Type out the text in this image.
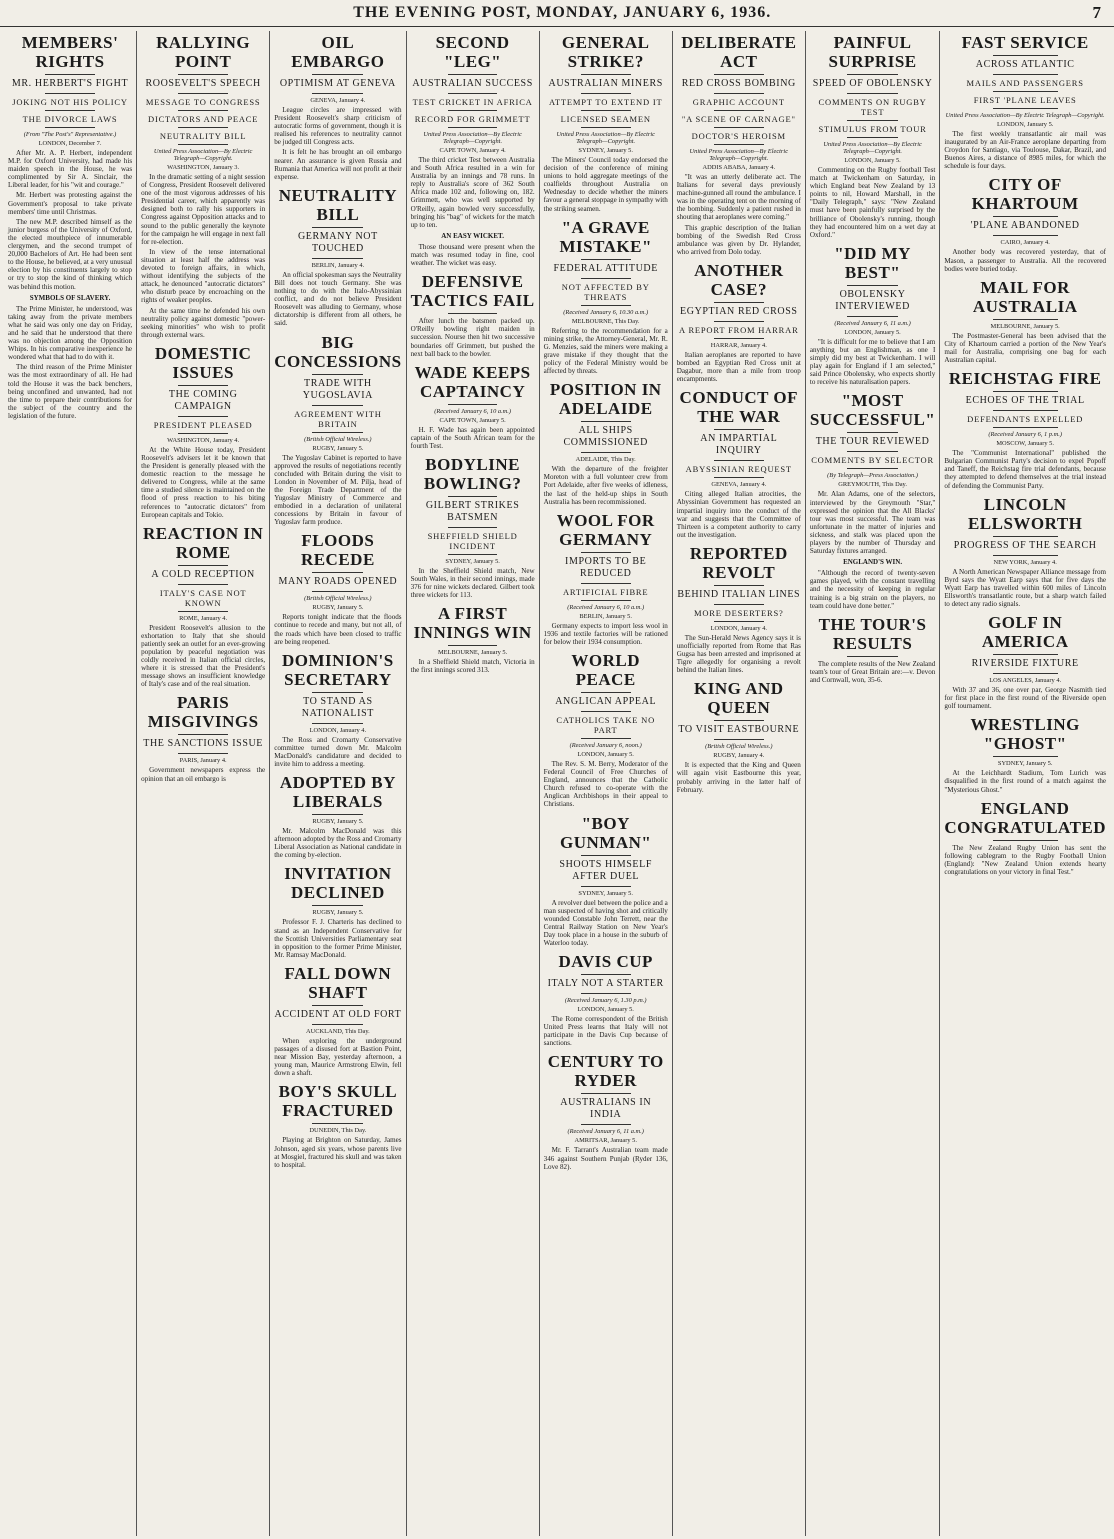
THE EVENING POST, MONDAY, JANUARY 6, 1936.	7
MEMBERS' RIGHTS
MR. HERBERT'S FIGHT
JOKING NOT HIS POLICY
THE DIVORCE LAWS
(From "The Post's" Representative.)
LONDON, December 7.

After Mr. A. P. Herbert, independent M.P. for Oxford University, had made his maiden speech in the House, he was complimented by Sir A. Sinclair, the Liberal leader, for his "wit and courage."

Mr. Herbert was protesting against the Government's proposal to take private members' time until Christmas.

The new M.P. described himself as the junior burgess of the University of Oxford, the elected mouthpiece of innumerable clergymen, and the second trumpet of 20,000 Bachelors of Art. He had been sent to the House, he believed, at a very unusual election by his constituents largely to stop or try to stop the kind of thinking which was behind this motion.

SYMBOLS OF SLAVERY.

The Prime Minister, he understood, was taking away from the private members what he said was only one day on Friday, and he said that he understood that there was no objection among the Opposition Whips. In his comparative inexperience he wondered what that had to do with it.

The third reason of the Prime Minister was the most extraordinary of all. He had told the House it was the back benchers, being unconfined and unwanted, had not the time to prepare their contributions for the subject of the country and the legislation of the future.

RALLYING POINT
ROOSEVELT'S SPEECH
MESSAGE TO CONGRESS
DICTATORS AND PEACE
NEUTRALITY BILL
United Press Association—By Electric Telegraph—Copyright.
WASHINGTON, January 3.

In the dramatic setting of a night session of Congress, President Roosevelt delivered one of the most vigorous addresses of his Presidential career, which apparently was designed both to rally his supporters in Congress against Opposition attacks and to sound to the public generally the keynote for the campaign he will engage in next fall for re-election.

In view of the tense international situation at least half the address was devoted to foreign affairs, in which, without identifying the subjects of the attack, he denounced "autocratic dictators" who disturb peace by encroaching on the rights of weaker peoples.

At the same time he defended his own neutrality policy against domestic "power-seeking minorities" who wish to profit through external wars.

DOMESTIC ISSUES
THE COMING CAMPAIGN
PRESIDENT PLEASED
WASHINGTON, January 4.

At the White House today, President Roosevelt's advisers let it be known that the President is generally pleased with the domestic reaction to the message he delivered to Congress, while at the same time a studied silence is maintained on the flood of press reaction to his biting references to "autocratic dictators" from European capitals and Tokio.

REACTION IN ROME
A COLD RECEPTION
ITALY'S CASE NOT KNOWN
ROME, January 4.

President Roosevelt's allusion to the exhortation to Italy that she should patiently seek an outlet for an ever-growing population by peaceful negotiation was coldly received in Italian official circles, where it is stressed that the President's message shows an insufficient knowledge of Italy's case and of the real situation.

PARIS MISGIVINGS
THE SANCTIONS ISSUE
PARIS, January 4.

Government newspapers express the opinion that an oil embargo is

OIL EMBARGO
OPTIMISM AT GENEVA
GENEVA, January 4.

League circles are impressed with President Roosevelt's sharp criticism of autocratic forms of government, though it is realised his references to neutrality cannot be judged till Congress acts.

It is felt he has brought an oil embargo nearer. An assurance is given Russia and Rumania that America will not profit at their expense.

NEUTRALITY BILL
GERMANY NOT TOUCHED
BERLIN, January 4.

An official spokesman says the Neutrality Bill does not touch Germany. She was nothing to do with the Italo-Abyssinian conflict, and do not believe President Roosevelt was alluding to Germany, whose dictatorship is different from all others, he said.

BIG CONCESSIONS
TRADE WITH YUGOSLAVIA
AGREEMENT WITH BRITAIN
(British Official Wireless.)
RUGBY, January 5.

The Yugoslav Cabinet is reported to have approved the results of negotiations recently concluded with Britain during the visit to London in November of M. Pilja, head of the Foreign Trade Department of the Yugoslav Ministry of Commerce and embodied in a declaration of unilateral concessions by Britain in favour of Yugoslav farm produce.

FLOODS RECEDE
MANY ROADS OPENED
(British Official Wireless.)
RUGBY, January 5.

Reports tonight indicate that the floods continue to recede and many, but not all, of the roads which have been closed to traffic are being reopened.

DOMINION'S SECRETARY
TO STAND AS NATIONALIST
LONDON, January 4.

The Ross and Cromarty Conservative committee turned down Mr. Malcolm MacDonald's candidature and decided to invite him to address a meeting.

ADOPTED BY LIBERALS
RUGBY, January 5.

Mr. Malcolm MacDonald was this afternoon adopted by the Ross and Cromarty Liberal Association as National candidate in the coming by-election.

INVITATION DECLINED
RUGBY, January 5.

Professor F. J. Charteris has declined to stand as an Independent Conservative for the Scottish Universities Parliamentary seat in opposition to the former Prime Minister, Mr. Ramsay MacDonald.

FALL DOWN SHAFT
ACCIDENT AT OLD FORT
AUCKLAND, This Day.

When exploring the underground passages of a disused fort at Bastion Point, near Mission Bay, yesterday afternoon, a young man, Maurice Armstrong Elwin, fell down a shaft.

BOY'S SKULL FRACTURED
DUNEDIN, This Day.

Playing at Brighton on Saturday, James Johnson, aged six years, whose parents live at Mosgiel, fractured his skull and was taken to hospital.

SECOND "LEG"
AUSTRALIAN SUCCESS
TEST CRICKET IN AFRICA
RECORD FOR GRIMMETT
United Press Association—By Electric Telegraph—Copyright.
CAPE TOWN, January 4.

The third cricket Test between Australia and South Africa resulted in a win for Australia by an innings and 78 runs. In reply to Australia's score of 362 South Africa made 102 and, following on, 182. Grimmett, who was well supported by O'Reilly, again bowled very successfully, bringing his "bag" of wickets for the match up to ten.

AN EASY WICKET.

Those thousand were present when the match was resumed today in fine, cool weather. The wicket was easy.

DEFENSIVE TACTICS FAIL

After lunch the batsmen packed up. O'Reilly bowling right maiden in succession. Nourse then hit two successive boundaries off Grimmett, but pushed the next ball back to the bowler.

WADE KEEPS CAPTAINCY
(Received January 6, 10 a.m.)
CAPE TOWN, January 5.

H. F. Wade has again been appointed captain of the South African team for the fourth Test.

BODYLINE BOWLING?
GILBERT STRIKES BATSMEN
SHEFFIELD SHIELD INCIDENT
SYDNEY, January 5.

In the Sheffield Shield match, New South Wales, in their second innings, made 376 for nine wickets declared. Gilbert took three wickets for 113.

A FIRST INNINGS WIN
MELBOURNE, January 5.

In a Sheffield Shield match, Victoria in the first innings scored 313.

GENERAL STRIKE?
AUSTRALIAN MINERS
ATTEMPT TO EXTEND IT
LICENSED SEAMEN
United Press Association—By Electric Telegraph—Copyright.
SYDNEY, January 5.

The Miners' Council today endorsed the decision of the conference of mining unions to hold aggregate meetings of the coalfields throughout Australia on Wednesday to decide whether the miners favour a general stoppage in sympathy with the striking seamen.

"A GRAVE MISTAKE"
FEDERAL ATTITUDE
NOT AFFECTED BY THREATS
(Received January 6, 10.30 a.m.)
MELBOURNE, This Day.

Referring to the recommendation for a mining strike, the Attorney-General, Mr. R. G. Menzies, said the miners were making a grave mistake if they thought that the policy of the Federal Ministry would be affected by threats.

POSITION IN ADELAIDE
ALL SHIPS COMMISSIONED
ADELAIDE, This Day.

With the departure of the freighter Moreton with a full volunteer crew from Port Adelaide, after five weeks of idleness, the last of the held-up ships in South Australia has been recommissioned.

WOOL FOR GERMANY
IMPORTS TO BE REDUCED
ARTIFICIAL FIBRE
(Received January 6, 10 a.m.)
BERLIN, January 5.

Germany expects to import less wool in 1936 and textile factories will be rationed for below their 1934 consumption.

WORLD PEACE
ANGLICAN APPEAL
CATHOLICS TAKE NO PART
(Received January 6, noon.)
LONDON, January 5.

The Rev. S. M. Berry, Moderator of the Federal Council of Free Churches of England, announces that the Catholic Church refused to co-operate with the Anglican Archbishops in their appeal to Christians.

"BOY GUNMAN"
SHOOTS HIMSELF AFTER DUEL
SYDNEY, January 5.

A revolver duel between the police and a man suspected of having shot and critically wounded Constable John Terrett, near the Central Railway Station on New Year's Day took place in a house in the suburb of Waterloo today.

DAVIS CUP
ITALY NOT A STARTER
(Received January 6, 1.30 p.m.)
LONDON, January 5.

The Rome correspondent of the British United Press learns that Italy will not participate in the Davis Cup because of sanctions.

CENTURY TO RYDER
AUSTRALIANS IN INDIA
(Received January 6, 11 a.m.)
AMRITSAR, January 5.

Mr. F. Tarrant's Australian team made 346 against Southern Punjab (Ryder 136, Love 82).

DELIBERATE ACT
RED CROSS BOMBING
GRAPHIC ACCOUNT
"A SCENE OF CARNAGE"
DOCTOR'S HEROISM
United Press Association—By Electric Telegraph—Copyright.
ADDIS ABABA, January 4.

"It was an utterly deliberate act. The Italians for several days previously machine-gunned all round the ambulance. I was in the operating tent on the morning of the bombing. Suddenly a patient rushed in shouting that aeroplanes were coming."

This graphic description of the Italian bombing of the Swedish Red Cross ambulance was given by Dr. Hylander, who arrived from Dolo today.

ANOTHER CASE?
EGYPTIAN RED CROSS
A REPORT FROM HARRAR
HARRAR, January 4.

Italian aeroplanes are reported to have bombed an Egyptian Red Cross unit at Dagabur, more than a mile from troop encampments.

CONDUCT OF THE WAR
AN IMPARTIAL INQUIRY
ABYSSINIAN REQUEST
GENEVA, January 4.

Citing alleged Italian atrocities, the Abyssinian Government has requested an impartial inquiry into the conduct of the war and suggests that the Committee of Thirteen is a competent authority to carry out the investigation.

REPORTED REVOLT
BEHIND ITALIAN LINES
MORE DESERTERS?
LONDON, January 4.

The Sun-Herald News Agency says it is unofficially reported from Rome that Ras Gugsa has been arrested and imprisoned at Tigre allegedly for organising a revolt behind the Italian lines.

KING AND QUEEN
TO VISIT EASTBOURNE
(British Official Wireless.)
RUGBY, January 4.

It is expected that the King and Queen will again visit Eastbourne this year, probably arriving in the latter half of February.

PAINFUL SURPRISE
SPEED OF OBOLENSKY
COMMENTS ON RUGBY TEST
STIMULUS FROM TOUR
United Press Association—By Electric Telegraph—Copyright.
LONDON, January 5.

Commenting on the Rugby football Test match at Twickenham on Saturday, in which England beat New Zealand by 13 points to nil, Howard Marshall, in the "Daily Telegraph," says: "New Zealand must have been painfully surprised by the brilliance of Obolensky's running, though they had encountered him on a wet day at Oxford."

"DID MY BEST"
OBOLENSKY INTERVIEWED
(Received January 6, 11 a.m.)
LONDON, January 5.

"It is difficult for me to believe that I am anything but an Englishman, as one I simply did my best at Twickenham. I will play again for England if I am selected," said Prince Obolensky, who expects shortly to receive his naturalisation papers.

"MOST SUCCESSFUL"
THE TOUR REVIEWED
COMMENTS BY SELECTOR
(By Telegraph—Press Association.)
GREYMOUTH, This Day.

Mr. Alan Adams, one of the selectors, interviewed by the Greymouth "Star," expressed the opinion that the All Blacks' tour was most successful. The team was unfortunate in the matter of injuries and sickness, and stalk was placed upon the players by the number of Thursday and Saturday fixtures arranged.

ENGLAND'S WIN.

"Although the record of twenty-seven games played, with the constant travelling and the necessity of keeping in regular training is a big strain on the players, no team could have done better."

THE TOUR'S RESULTS

The complete results of the New Zealand team's tour of Great Britain are:—v. Devon and Cornwall, won, 35-6.

FAST SERVICE
ACROSS ATLANTIC
MAILS AND PASSENGERS
FIRST 'PLANE LEAVES
United Press Association—By Electric Telegraph—Copyright.
LONDON, January 5.

The first weekly transatlantic air mail was inaugurated by an Air-France aeroplane departing from Croydon for Santiago, via Toulouse, Dakar, Brazil, and Buenos Aires, a distance of 8985 miles, for which the schedule is four days.

CITY OF KHARTOUM
'PLANE ABANDONED
CAIRO, January 4.

Another body was recovered yesterday, that of Mason, a passenger to Australia. All the recovered bodies were buried today.

MAIL FOR AUSTRALIA
MELBOURNE, January 5.

The Postmaster-General has been advised that the City of Khartoum carried a portion of the New Year's mail for Australia, comprising one bag for each Australian capital.

REICHSTAG FIRE
ECHOES OF THE TRIAL
DEFENDANTS EXPELLED
(Received January 6, 1 p.m.)
MOSCOW, January 5.

The "Communist International" published the Bulgarian Communist Party's decision to expel Popoff and Taneff, the Reichstag fire trial defendants, because they attempted to defend themselves at the trial instead of defending the Communist Party.

LINCOLN ELLSWORTH
PROGRESS OF THE SEARCH
NEW YORK, January 4.

A North American Newspaper Alliance message from Byrd says the Wyatt Earp says that for five days the Wyatt Earp has travelled within 600 miles of Lincoln Ellsworth's transatlantic route, but a sharp watch failed to detect any radio signals.

GOLF IN AMERICA
RIVERSIDE FIXTURE
LOS ANGELES, January 4.

With 37 and 36, one over par, George Nasmith tied for first place in the first round of the Riverside open golf tournament.

WRESTLING "GHOST"
SYDNEY, January 5.

At the Leichhardt Stadium, Tom Lurich was disqualified in the first round of a match against the "Mysterious Ghost."

ENGLAND CONGRATULATED

The New Zealand Rugby Union has sent the following cablegram to the Rugby Football Union (England): "New Zealand Union extends hearty congratulations on your victory in final Test."
